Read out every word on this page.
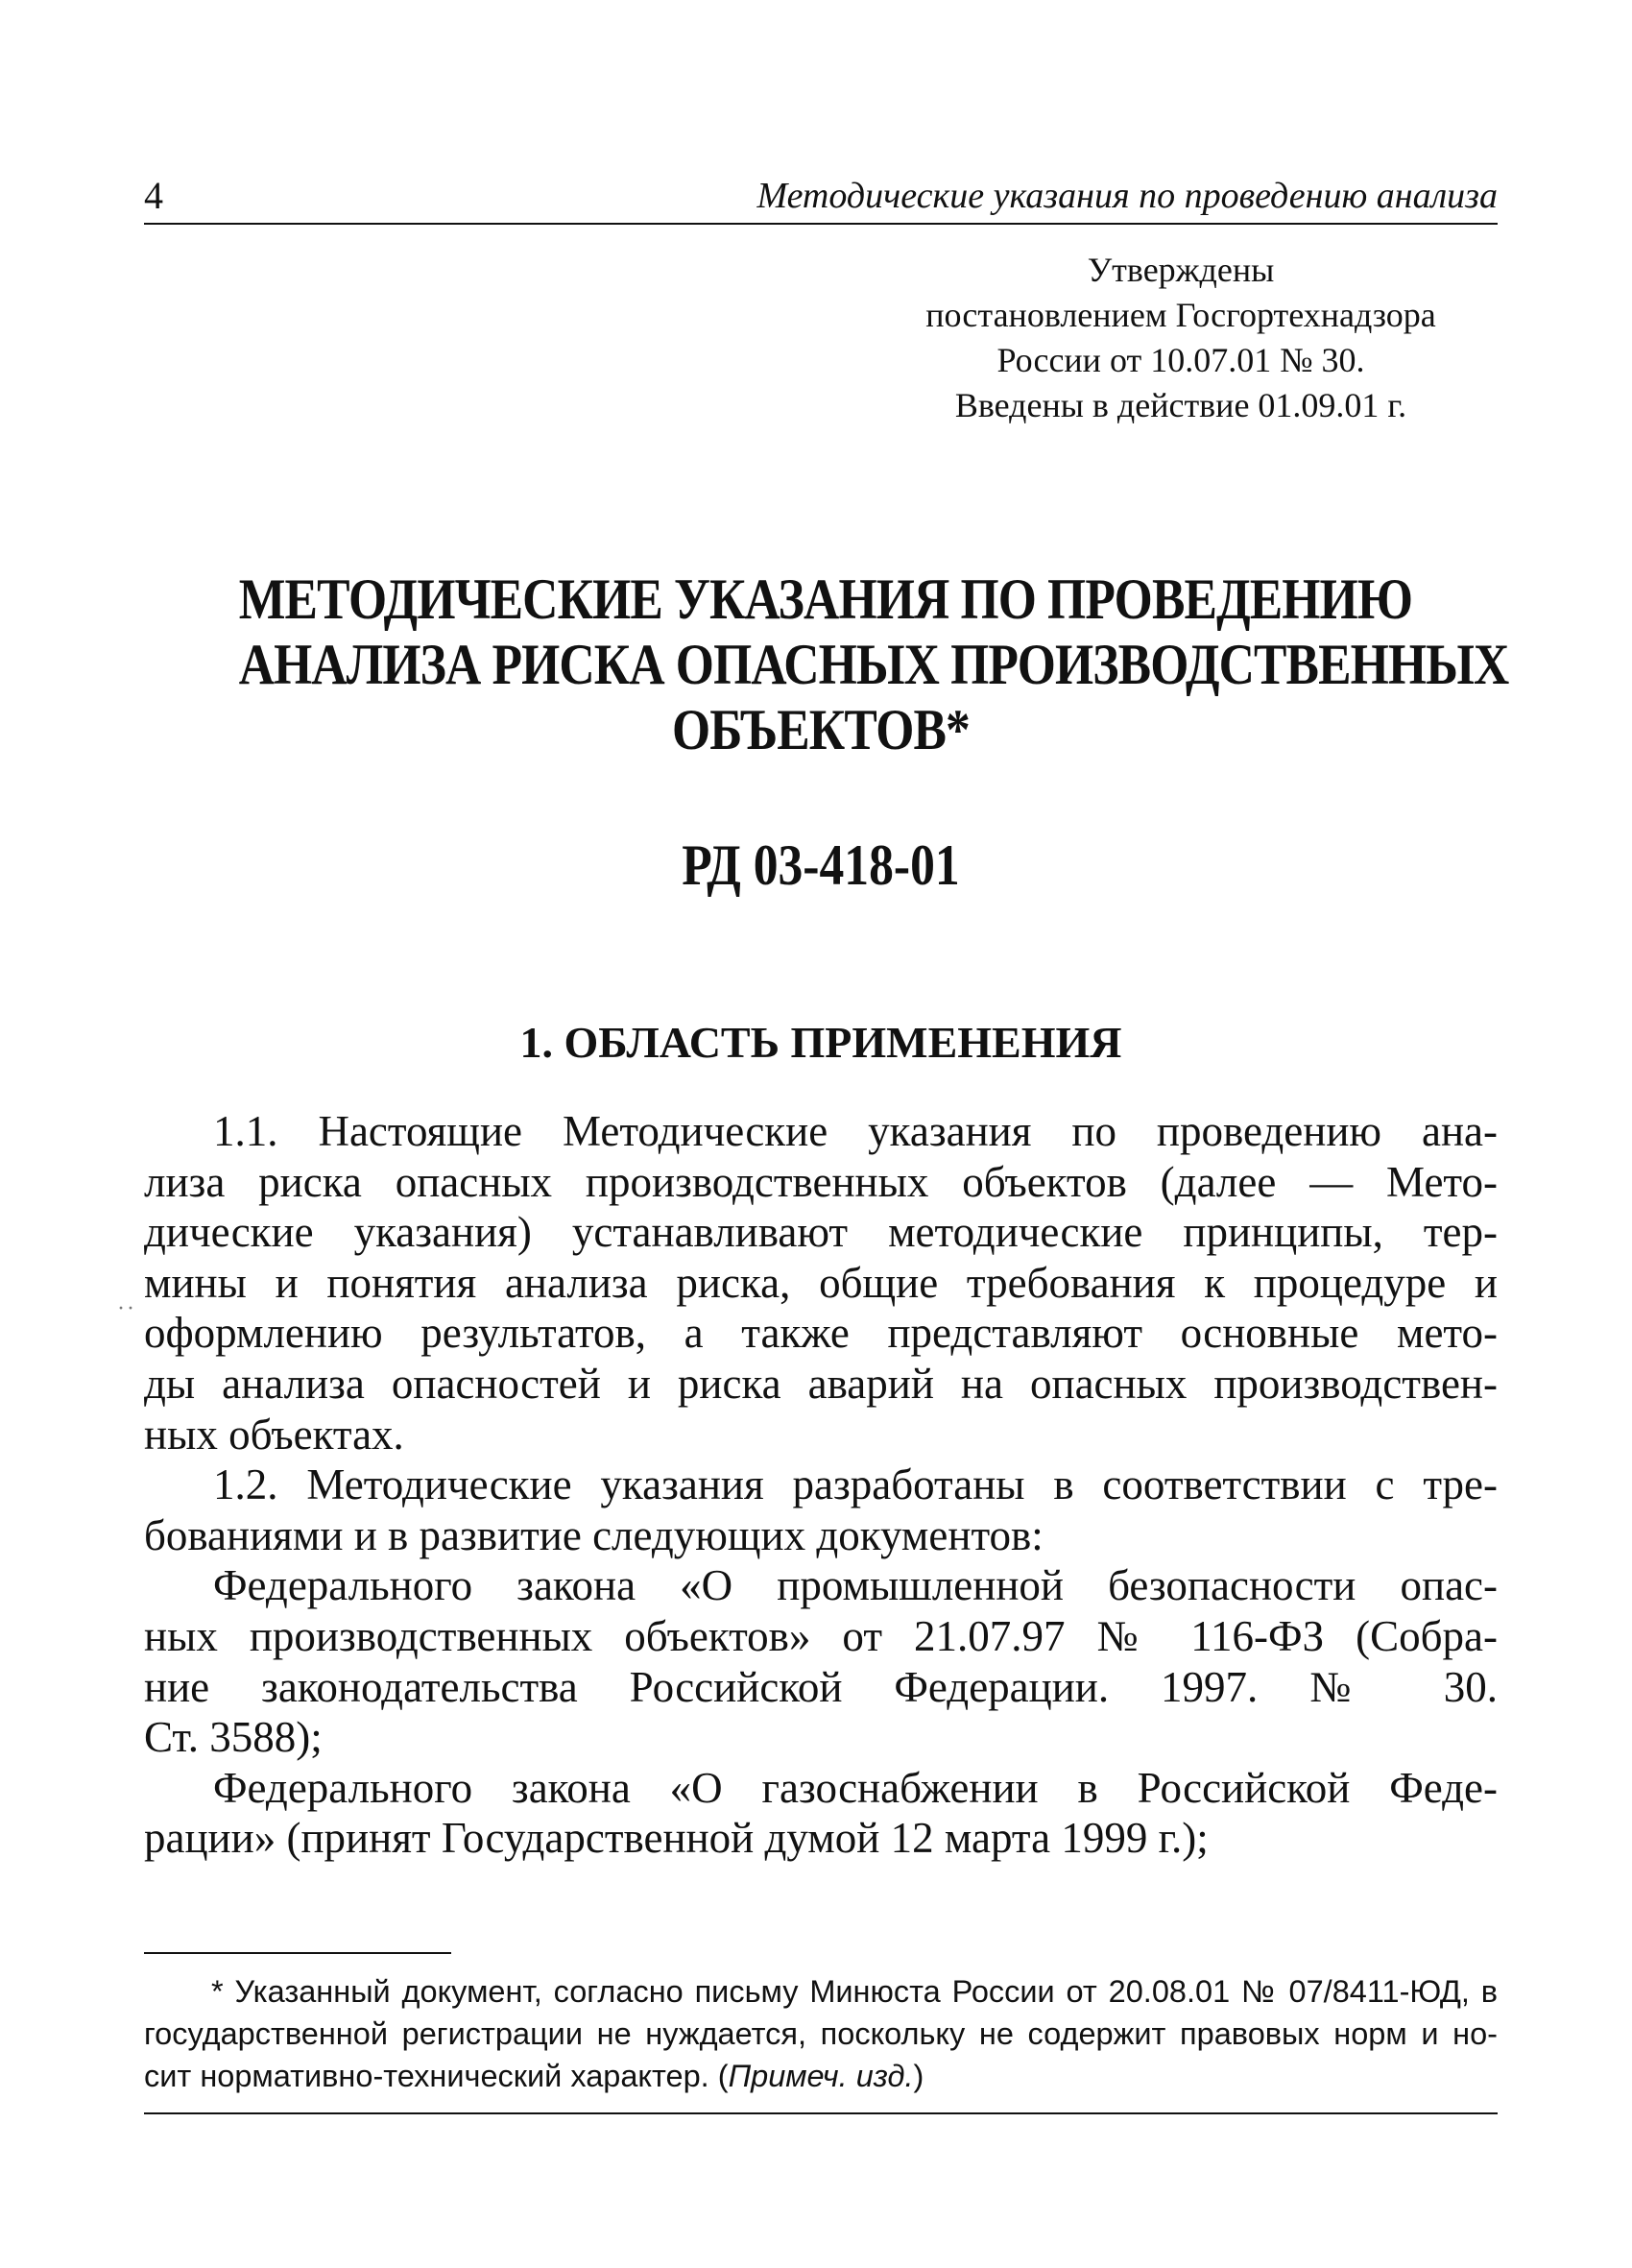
4	Методические указания по проведению анализа
Утверждены
постановлением Госгортехнадзора
России от 10.07.01 № 30.
Введены в действие 01.09.01 г.
МЕТОДИЧЕСКИЕ УКАЗАНИЯ ПО ПРОВЕДЕНИЮ
АНАЛИЗА РИСКА ОПАСНЫХ ПРОИЗВОДСТВЕННЫХ
ОБЪЕКТОВ*
РД 03-418-01
1. ОБЛАСТЬ ПРИМЕНЕНИЯ
··
1.1. Настоящие Методические указания по проведению ана-
лиза риска опасных производственных объектов (далее — Мето-
дические указания) устанавливают методические принципы, тер-
мины и понятия анализа риска, общие требования к процедуре и
оформлению результатов, а также представляют основные мето-
ды анализа опасностей и риска аварий на опасных производствен-
ных объектах.
1.2. Методические указания разработаны в соответствии с тре-
бованиями и в развитие следующих документов:
Федерального закона «О промышленной безопасности опас-
ных производственных объектов» от 21.07.97 № 116-ФЗ (Собра-
ние законодательства Российской Федерации. 1997. № 30.
Ст. 3588);
Федерального закона «О газоснабжении в Российской Феде-
рации» (принят Государственной думой 12 марта 1999 г.);
* Указанный документ, согласно письму Минюста России от 20.08.01 № 07/8411-ЮД, в
государственной регистрации не нуждается, поскольку не содержит правовых норм и но-
сит нормативно-технический характер. (Примеч. изд.)
